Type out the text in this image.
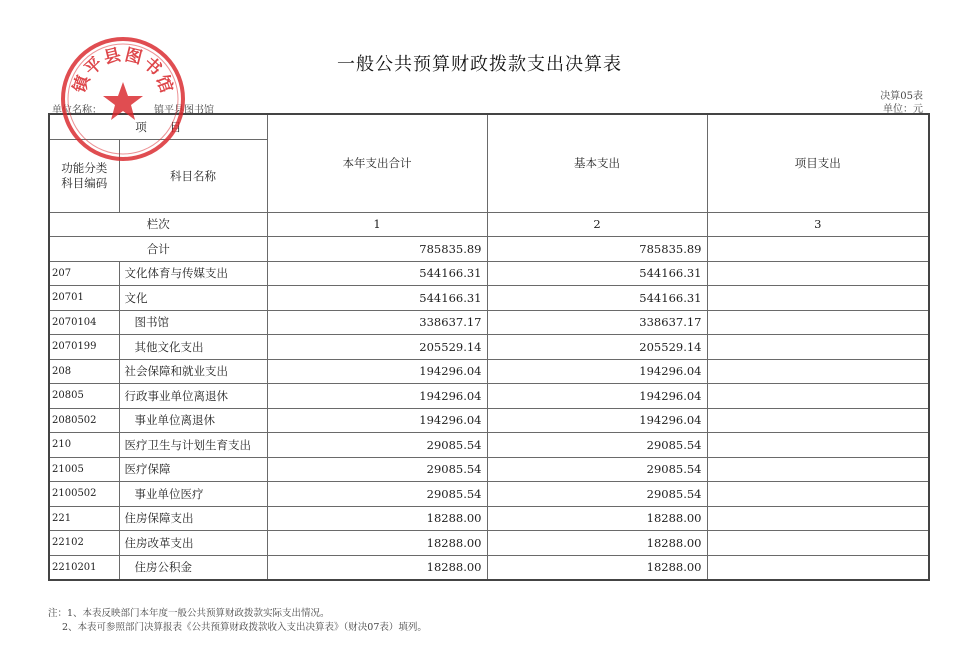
一般公共预算财政拨款支出决算表
决算05表
单位：元
单位名称：	镇平县图书馆
项　　目		本年支出合计	基本支出	项目支出
功能分类
科目编码	科目名称			
栏次		1	2	3
合计		785835.89	785835.89	
207	文化体育与传媒支出	544166.31	544166.31	
20701	文化	544166.31	544166.31	
2070104	图书馆	338637.17	338637.17	
2070199	其他文化支出	205529.14	205529.14	
208	社会保障和就业支出	194296.04	194296.04	
20805	行政事业单位离退休	194296.04	194296.04	
2080502	事业单位离退休	194296.04	194296.04	
210	医疗卫生与计划生育支出	29085.54	29085.54	
21005	医疗保障	29085.54	29085.54	
2100502	事业单位医疗	29085.54	29085.54	
221	住房保障支出	18288.00	18288.00	
22102	住房改革支出	18288.00	18288.00	
2210201	住房公积金	18288.00	18288.00	
注：1、本表反映部门本年度一般公共预算财政拨款实际支出情况。
2、本表可参照部门决算报表《公共预算财政拨款收入支出决算表》（财决07表）填列。
镇
平
县 图
书
馆
